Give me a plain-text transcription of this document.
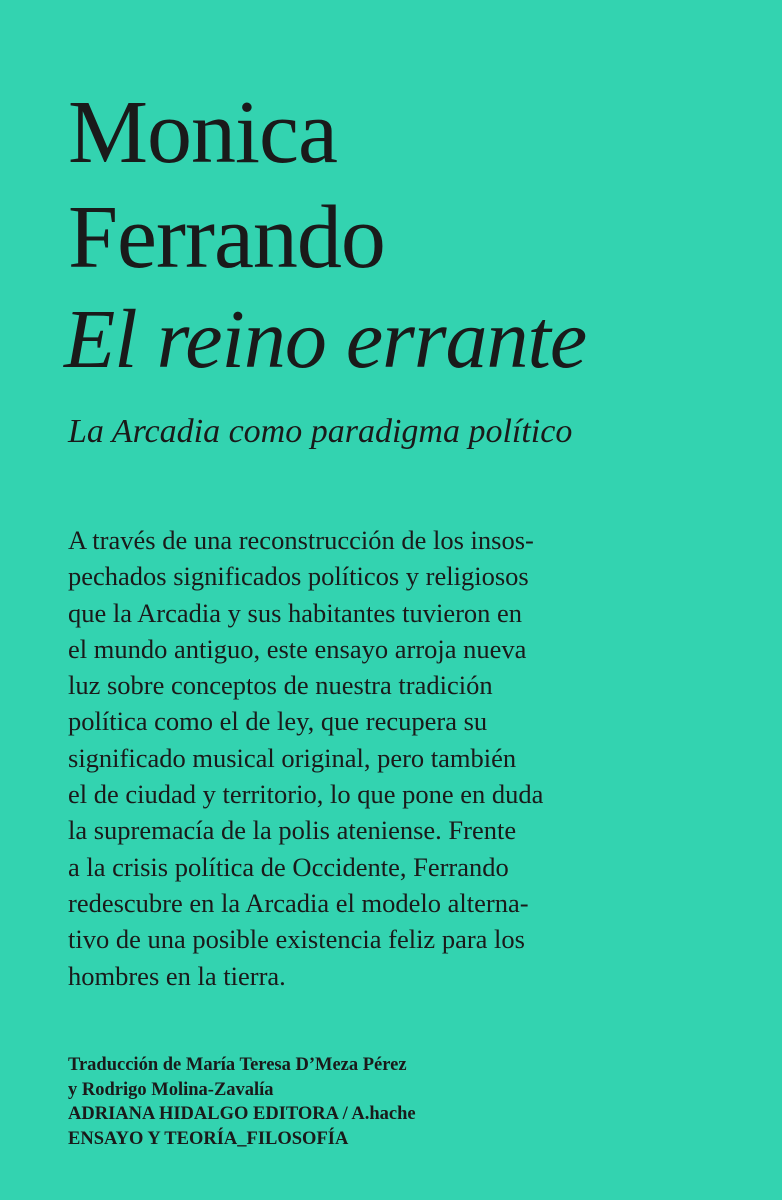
Monica
Ferrando
El reino errante
La Arcadia como paradigma político
A través de una reconstrucción de los insos-
pechados significados políticos y religiosos
que la Arcadia y sus habitantes tuvieron en
el mundo antiguo, este ensayo arroja nueva
luz sobre conceptos de nuestra tradición
política como el de ley, que recupera su
significado musical original, pero también
el de ciudad y territorio, lo que pone en duda
la supremacía de la polis ateniense. Frente
a la crisis política de Occidente, Ferrando
redescubre en la Arcadia el modelo alterna-
tivo de una posible existencia feliz para los
hombres en la tierra.
Traducción de María Teresa D’Meza Pérez
y Rodrigo Molina-Zavalía
ADRIANA HIDALGO EDITORA / A.hache
ENSAYO Y TEORÍA_FILOSOFÍA
